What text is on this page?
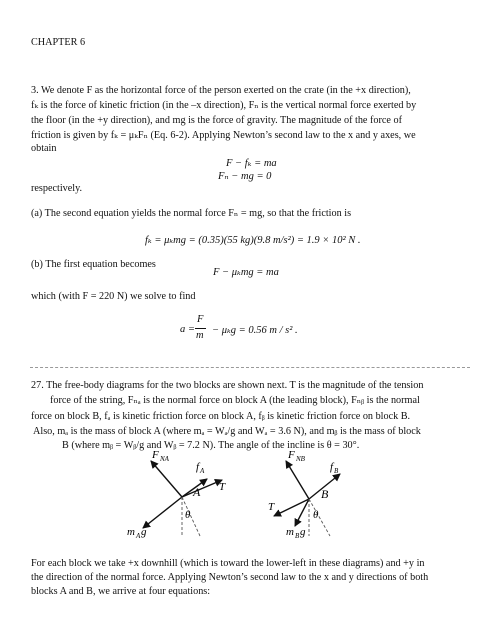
CHAPTER 6
3. We denote F as the horizontal force of the person exerted on the crate (in the +x direction),
fₖ is the force of kinetic friction (in the –x direction), Fₙ is the vertical normal force exerted by
the floor (in the +y direction), and mg is the force of gravity. The magnitude of the force of
friction is given by fₖ = μₖFₙ (Eq. 6-2). Applying Newton’s second law to the x and y axes, we
obtain
F − fₖ = ma
Fₙ − mg = 0
respectively.
(a) The second equation yields the normal force Fₙ = mg, so that the friction is
fₖ = μₖmg = (0.35)(55 kg)(9.8 m/s²) = 1.9 × 10² N .
(b) The first equation becomes
F − μₖmg = ma
which (with F = 220 N) we solve to find
a =
F
m − μₖg = 0.56 m / s² .
27. The free-body diagrams for the two blocks are shown next. T is the magnitude of the tension
force of the string, Fₙₐ is the normal force on block A (the leading block), Fₙᵦ is the normal
force on block B, fₐ is kinetic friction force on block A, fᵦ is kinetic friction force on block B.
Also, mₐ is the mass of block A (where mₐ = Wₐ/g and Wₐ = 3.6 N), and mᵦ is the mass of block
B (where mᵦ = Wᵦ/g and Wᵦ = 7.2 N). The angle of the incline is θ = 30°.
F NA
f A
T
A
θ
m A g
F NB
f B
T
B
θ
m B g
For each block we take +x downhill (which is toward the lower-left in these diagrams) and +y in
the direction of the normal force. Applying Newton’s second law to the x and y directions of both
blocks A and B, we arrive at four equations:
